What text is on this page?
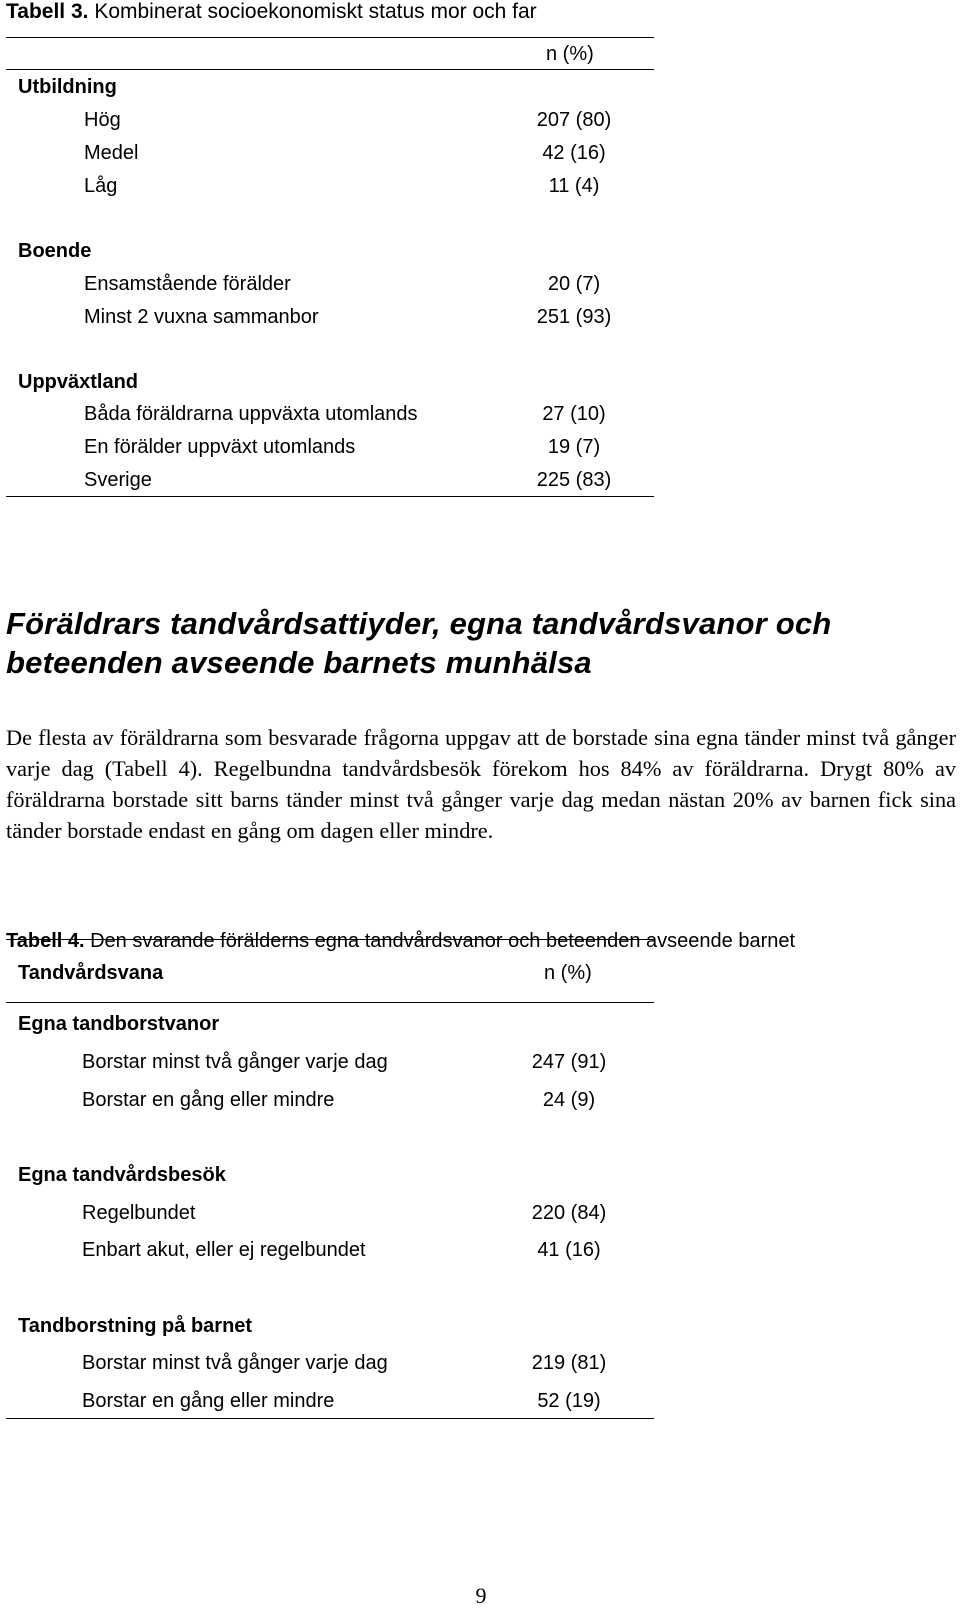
Tabell 3. Kombinerat socioekonomiskt status mor och far
n (%)
Utbildning
Hög	207 (80)
Medel	42 (16)
Låg	11 (4)
Boende
Ensamstående förälder	20 (7)
Minst 2 vuxna sammanbor	251 (93)
Uppväxtland
Båda föräldrarna uppväxta utomlands	27 (10)
En förälder uppväxt utomlands	19 (7)
Sverige	225 (83)
Föräldrars tandvårdsattiyder, egna tandvårdsvanor och
beteenden avseende barnets munhälsa
De flesta av föräldrarna som besvarade frågorna uppgav att de borstade sina egna tänder minst två gånger varje dag (Tabell 4). Regelbundna tandvårdsbesök förekom hos 84% av föräldrarna. Drygt 80% av föräldrarna borstade sitt barns tänder minst två gånger varje dag medan nästan 20% av barnen fick sina tänder borstade endast en gång om dagen eller mindre.
Tabell 4. Den svarande förälderns egna tandvårdsvanor och beteenden avseende barnet
Tandvårdsvana	n (%)
Egna tandborstvanor
Borstar minst två gånger varje dag	247 (91)
Borstar en gång eller mindre	24 (9)
Egna tandvårdsbesök
Regelbundet	220 (84)
Enbart akut, eller ej regelbundet	41 (16)
Tandborstning på barnet
Borstar minst två gånger varje dag	219 (81)
Borstar en gång eller mindre	52 (19)
9
